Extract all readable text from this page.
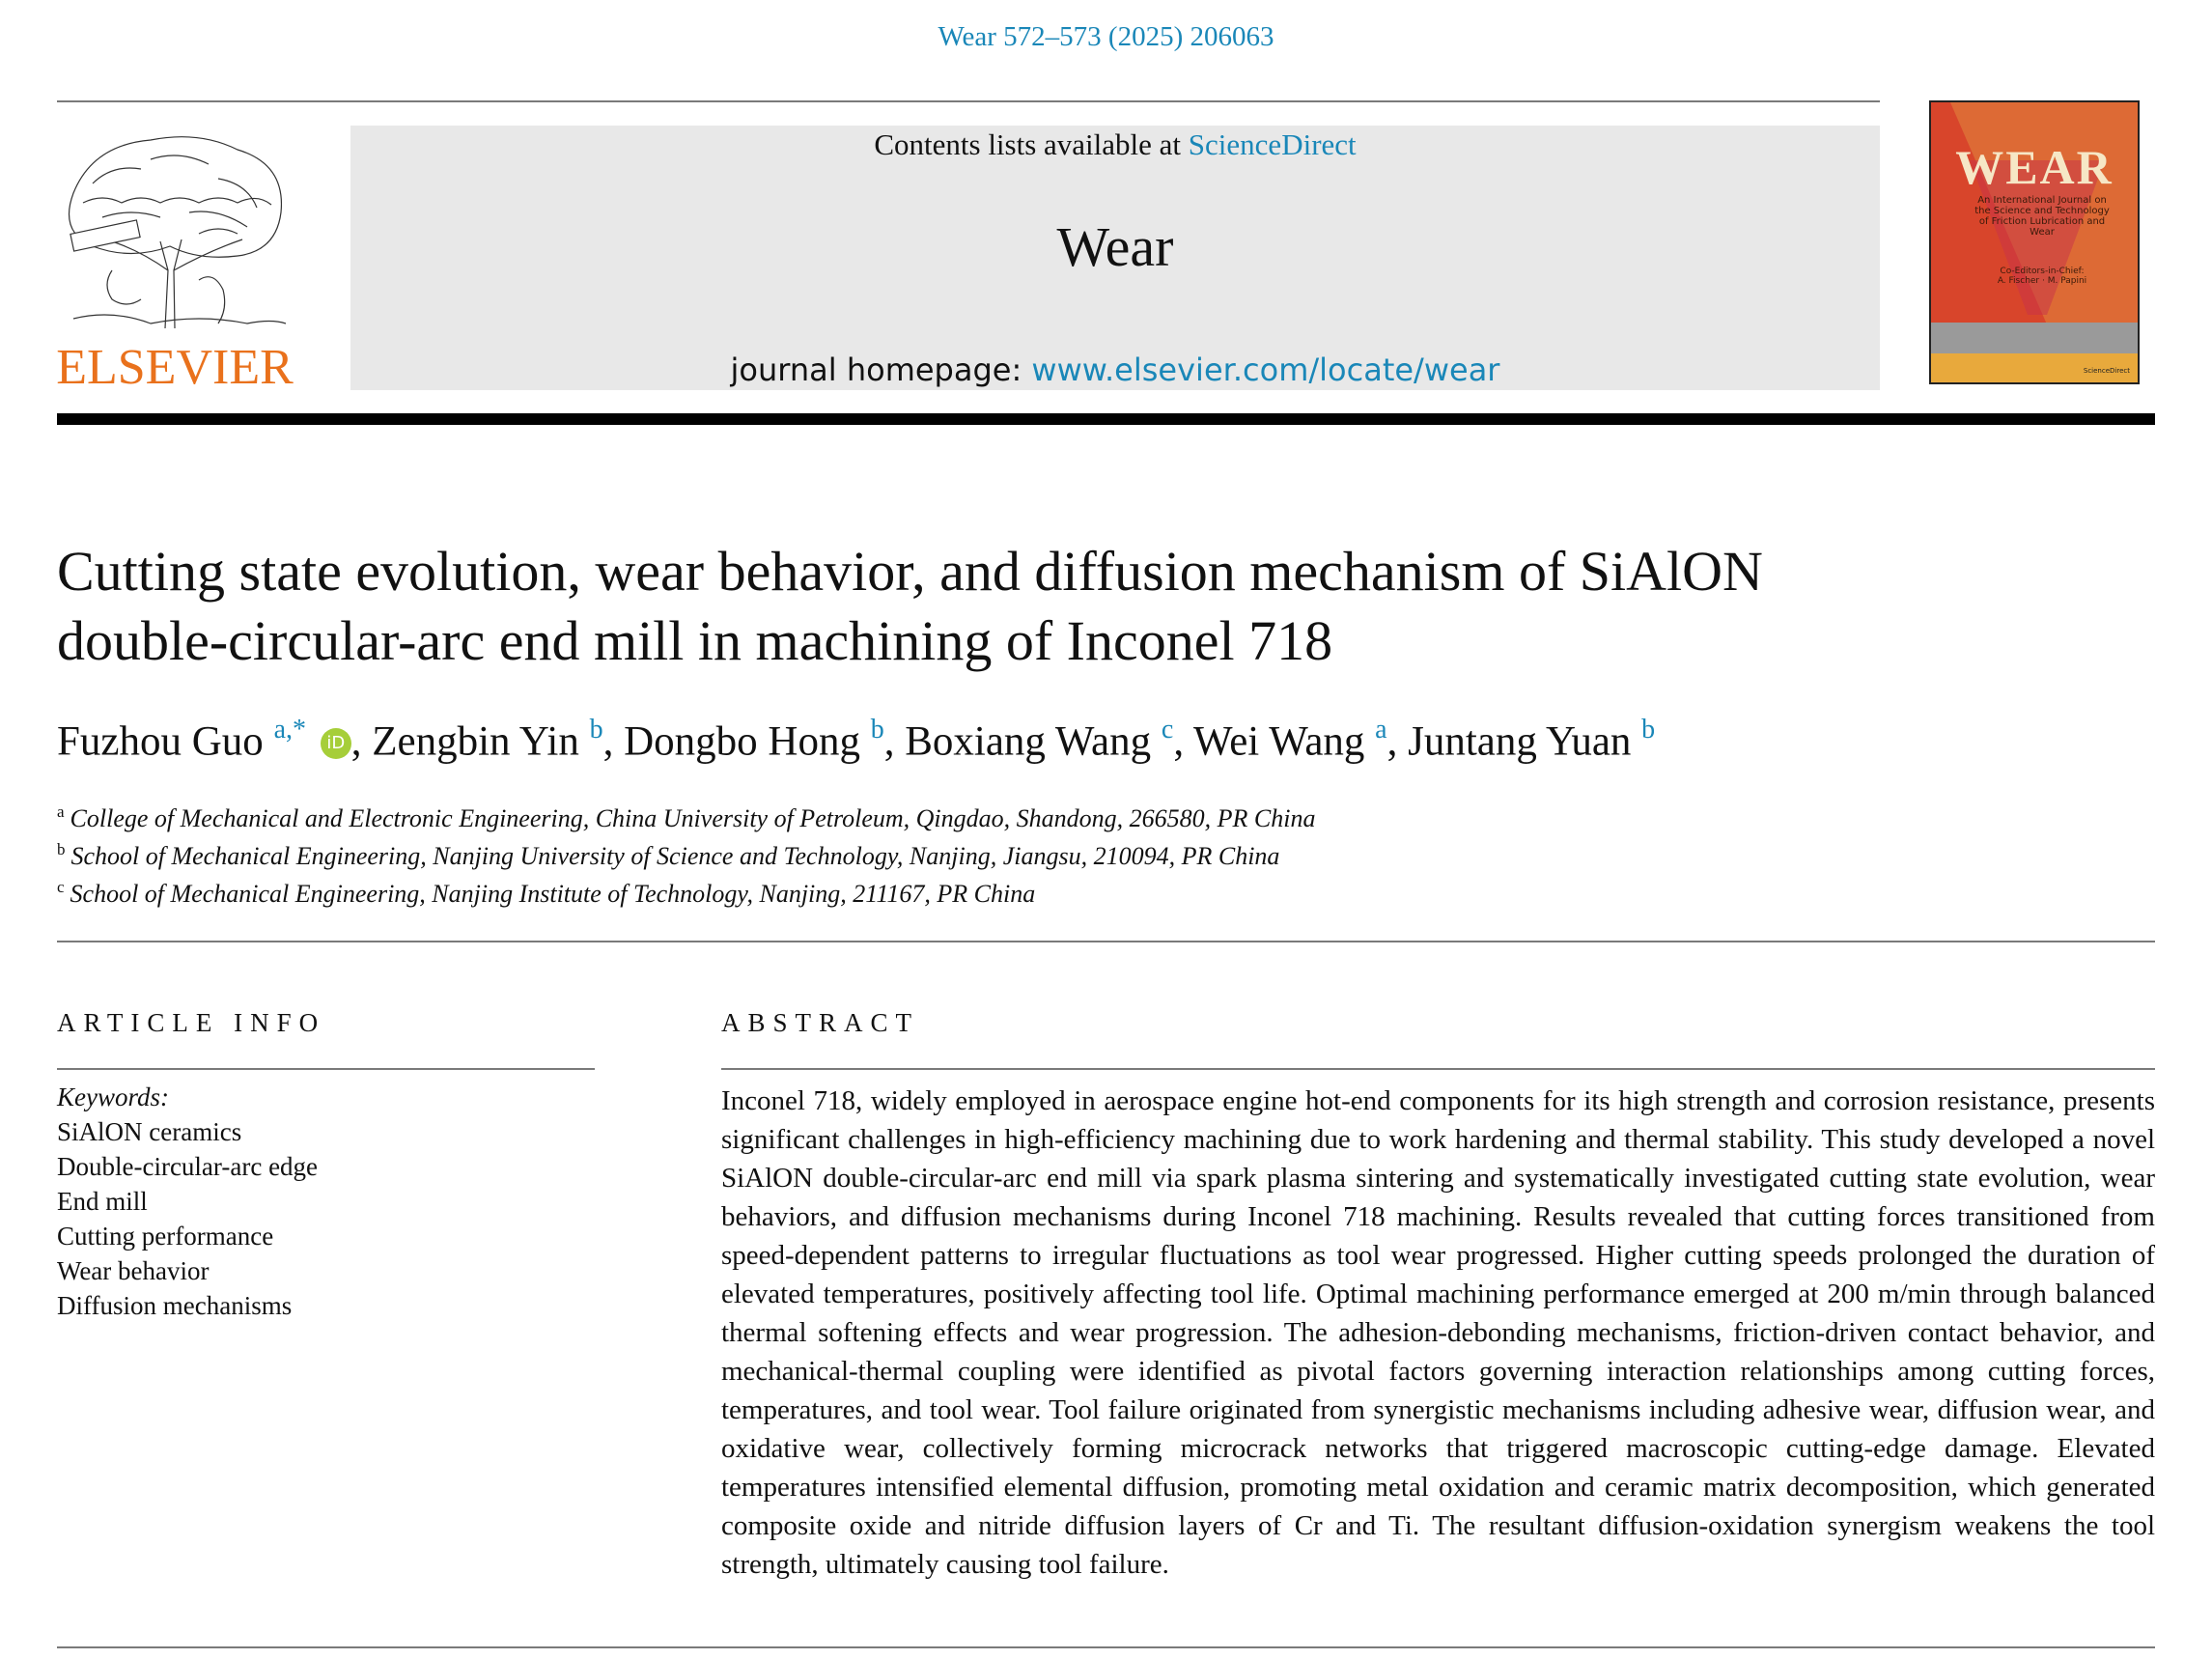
Wear 572–573 (2025) 206063
ELSEVIER
Contents lists available at ScienceDirect
Wear
journal homepage: www.elsevier.com/locate/wear
WEAR
An International Journal on the Science and Technology of Friction Lubrication and Wear
Co-Editors-in-Chief:
A. Fischer · M. Papini
ScienceDirect
Cutting state evolution, wear behavior, and diffusion mechanism of SiAlON
double-circular-arc end mill in machining of Inconel 718
Fuzhou Guo $^{a,*}$ iD , Zengbin Yin $^b$, Dongbo Hong $^b$, Boxiang Wang $^c$, Wei Wang $^a$, Juntang Yuan $^b$
$^a$ College of Mechanical and Electronic Engineering, China University of Petroleum, Qingdao, Shandong, 266580, PR China
$^b$ School of Mechanical Engineering, Nanjing University of Science and Technology, Nanjing, Jiangsu, 210094, PR China
$^c$ School of Mechanical Engineering, Nanjing Institute of Technology, Nanjing, 211167, PR China
ARTICLE INFO
Keywords:
SiAlON ceramics
Double-circular-arc edge
End mill
Cutting performance
Wear behavior
Diffusion mechanisms
ABSTRACT
Inconel 718, widely employed in aerospace engine hot-end components for its high strength and corrosion resistance, presents significant challenges in high-efficiency machining due to work hardening and thermal stability. This study developed a novel SiAlON double-circular-arc end mill via spark plasma sintering and systematically investigated cutting state evolution, wear behaviors, and diffusion mechanisms during Inconel 718 machining. Results revealed that cutting forces transitioned from speed-dependent patterns to irregular fluctuations as tool wear progressed. Higher cutting speeds prolonged the duration of elevated temperatures, positively affecting tool life. Optimal machining performance emerged at 200 m/min through balanced thermal softening effects and wear progression. The adhesion-debonding mechanisms, friction-driven contact behavior, and mechanical-thermal coupling were identified as pivotal factors governing interaction relationships among cutting forces, temperatures, and tool wear. Tool failure originated from synergistic mechanisms including adhesive wear, diffusion wear, and oxidative wear, collectively forming microcrack networks that triggered macroscopic cutting-edge damage. Elevated temperatures intensified elemental diffusion, promoting metal oxidation and ceramic matrix decomposition, which generated composite oxide and nitride diffusion layers of Cr and Ti. The resultant diffusion-oxidation synergism weakens the tool strength, ultimately causing tool failure.
